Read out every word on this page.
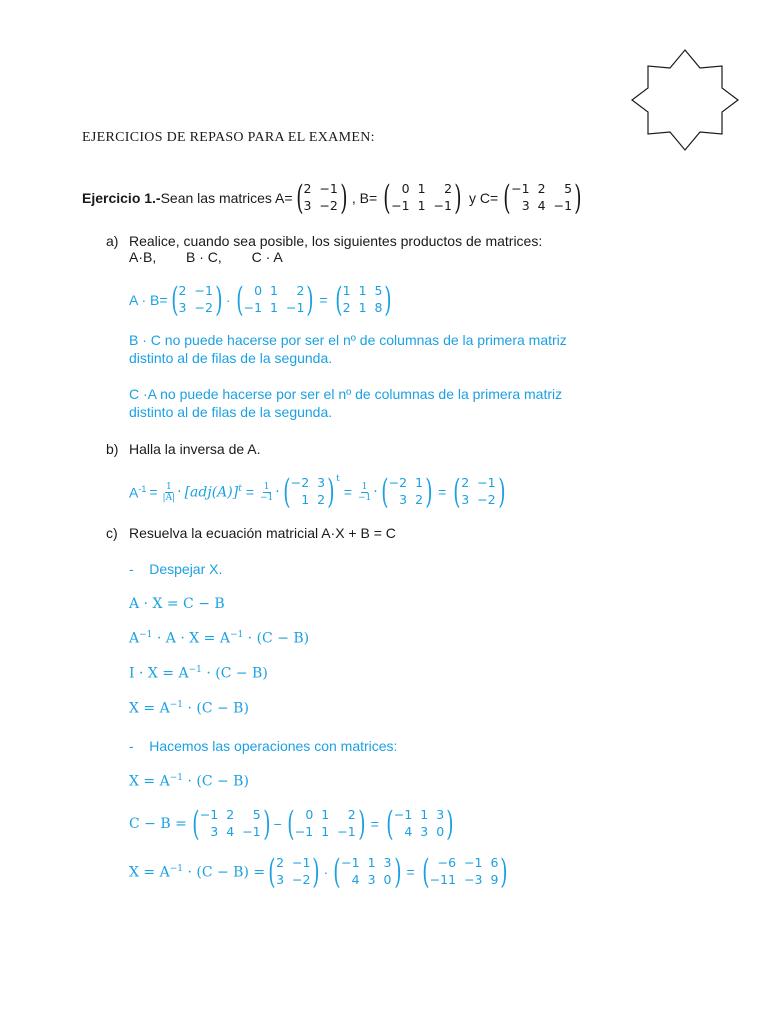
EJERCICIOS DE REPASO PARA EL EXAMEN:
Ejercicio 1.- Sean las matrices A= ( 2 −1
3 −2 ) , B= ( 0 1	2
−1 1 −1 ) y C= ( −1 2	5
3 4 −1 )
a) Realice, cuando sea posible, los siguientes productos de matrices:
A·B, B · C, C · A
A · B= ( 2 −1
3 −2 ) · ( 0 1	2
−1 1 −1 ) = ( 1 1 5
2 1 8 )
B · C no puede hacerse por ser el nº de columnas de la primera matriz
distinto al de filas de la segunda.
C ·A no puede hacerse por ser el nº de columnas de la primera matriz
distinto al de filas de la segunda.
b) Halla la inversa de A.
$A^{-1} = \frac{1}{|A|} \cdot [adj(A)]^t = \frac{1}{-1}$ · ( −2 3
1 2 )$^t$
= $\frac{1}{-1}$ · ( −2 1
3 2 ) = ( 2 −1
3 −2 )
c) Resuelva la ecuación matricial A·X + B = C
-    Despejar X.
A · X = C − B
$A^{-1} \cdot A \cdot X = A^{-1} \cdot (C - B)$
$I \cdot X = A^{-1} \cdot (C - B)$
$X = A^{-1} \cdot (C - B)$
-    Hacemos las operaciones con matrices:
$X = A^{-1} \cdot (C - B)$
C − B = ( −1 2	5
3 4 −1 ) − ( 0 1	2
−1 1 −1 ) = ( −1 1 3
4 3 0 )
$X = A^{-1} \cdot (C - B)$ = ( 2 −1
3 −2 ) · ( −1 1 3
4 3 0 ) = ( −6 −1 6
−11 −3 9 )
